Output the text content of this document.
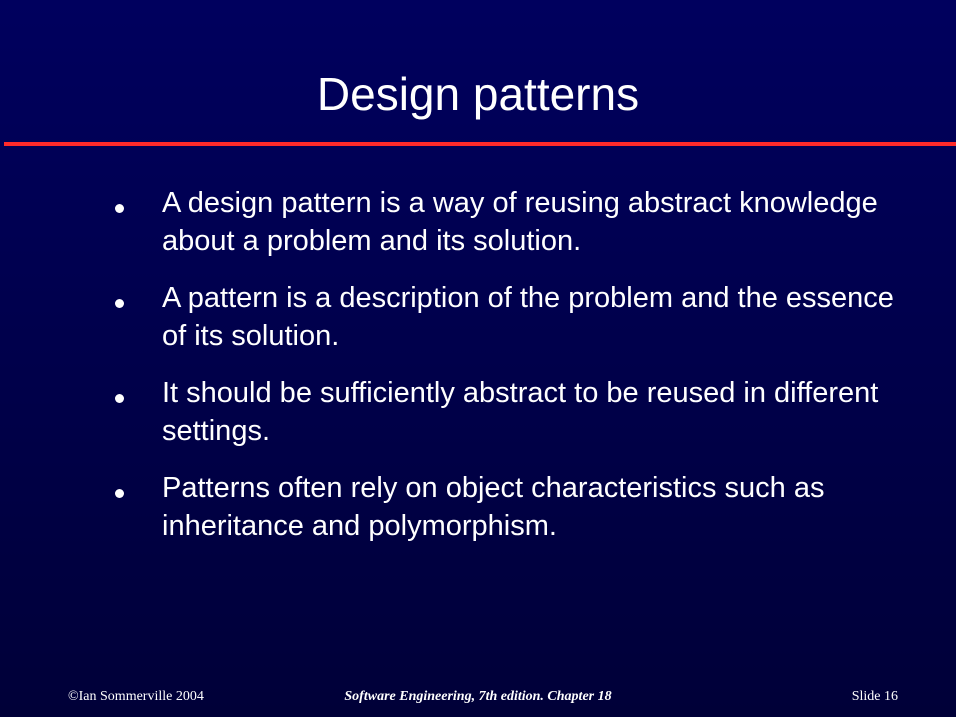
Design patterns
A design pattern is a way of reusing abstract knowledge about a problem and its solution.
A pattern is a description of the problem and the essence of its solution.
It should be sufficiently abstract to be reused in different settings.
Patterns often rely on object characteristics such as inheritance and polymorphism.
©Ian Sommerville 2004	Software Engineering, 7th edition. Chapter 18	Slide 16
